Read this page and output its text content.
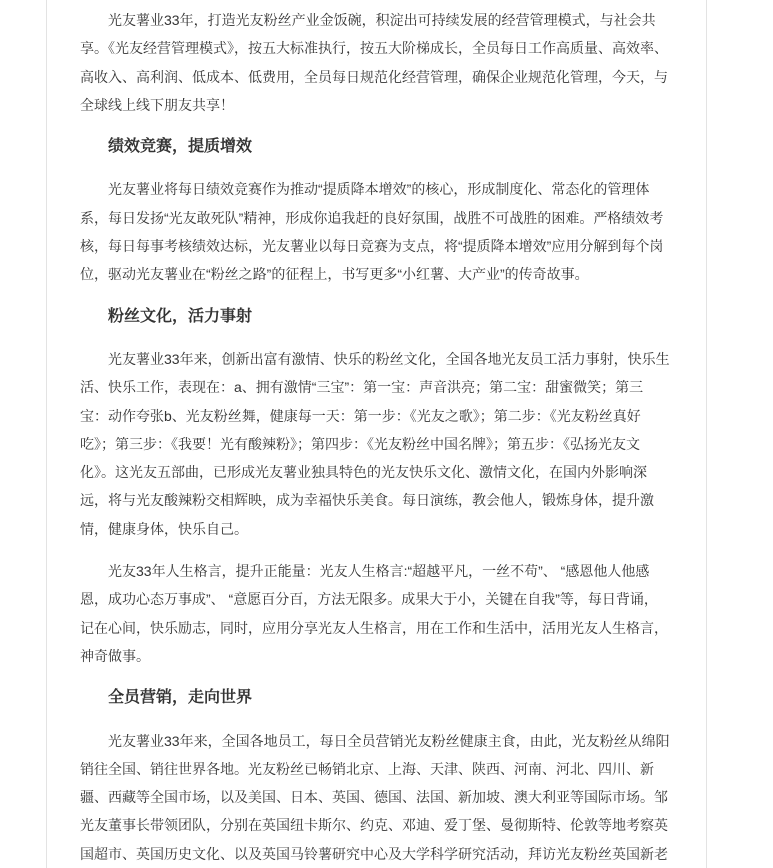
光友薯业33年，打造光友粉丝产业金饭碗，积淀出可持续发展的经营管理模式，与社会共享。《光友经营管理模式》，按五大标准执行，按五大阶梯成长，全员每日工作高质量、高效率、高收入、高利润、低成本、低费用，全员每日规范化经营管理，确保企业规范化管理，今天，与全球线上线下朋友共享！

绩效竞赛，提质增效

光友薯业将每日绩效竞赛作为推动“提质降本增效”的核心，形成制度化、常态化的管理体系，每日发扬“光友敢死队”精神，形成你追我赶的良好氛围，战胜不可战胜的困难。严格绩效考核，每日每事考核绩效达标，光友薯业以每日竞赛为支点，将“提质降本增效”应用分解到每个岗位，驱动光友薯业在“粉丝之路”的征程上，书写更多“小红薯、大产业”的传奇故事。

粉丝文化，活力事射

光友薯业33年来，创新出富有激情、快乐的粉丝文化，全国各地光友员工活力事射，快乐生活、快乐工作，表现在：a、拥有激情“三宝”：第一宝：声音洪亮；第二宝：甜蜜微笑；第三宝：动作夸张b、光友粉丝舞，健康每一天：第一步：《光友之歌》；第二步：《光友粉丝真好吃》；第三步：《我要！光有酸辣粉》；第四步：《光友粉丝中国名牌》；第五步：《弘扬光友文化》。这光友五部曲，已形成光友薯业独具特色的光友快乐文化、激情文化，在国内外影响深远，将与光友酸辣粉交相辉映，成为幸福快乐美食。每日演练，教会他人，锻炼身体，提升激情，健康身体，快乐自己。

光友33年人生格言，提升正能量：光友人生格言:“超越平凡，一丝不苟”、 “感恩他人他感恩，成功心态万事成”、 “意愿百分百，方法无限多。成果大于小，关键在自我”等，每日背诵，记在心间，快乐励志，同时，应用分享光友人生格言，用在工作和生活中，活用光友人生格言，神奇做事。

全员营销，走向世界

光友薯业33年来，全国各地员工，每日全员营销光友粉丝健康主食，由此，光友粉丝从绵阳销往全国、销往世界各地。光友粉丝已畅销北京、上海、天津、陕西、河南、河北、四川、新疆、西藏等全国市场，以及美国、日本、英国、德国、法国、新加坡、澳大利亚等国际市场。邹光友董事长带领团队，分别在英国纽卡斯尔、约克、邓迪、爱丁堡、曼彻斯特、伦敦等地考察英国超市、英国历史文化、以及英国马铃薯研究中心及大学科学研究活动，拜访光友粉丝英国新老
